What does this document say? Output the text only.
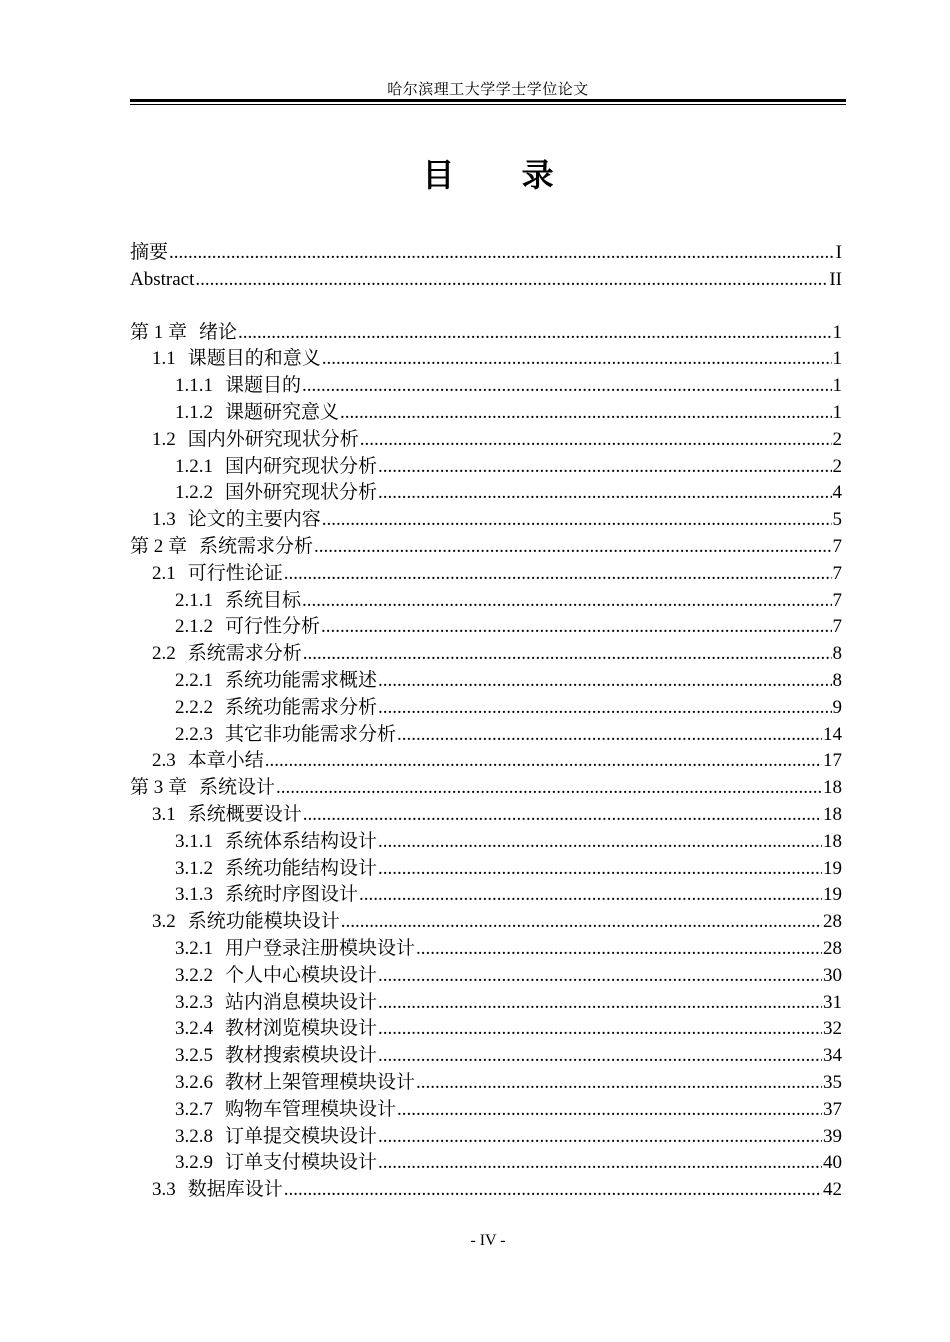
哈尔滨理工大学学士学位论文
目 录
摘要 .....	I
Abstract .....	II
第 1 章 绪论 .....	1
1.1 课题目的和意义 .....	1
1.1.1 课题目的 .....	1
1.1.2 课题研究意义 .....	1
1.2 国内外研究现状分析 .....	2
1.2.1 国内研究现状分析 .....	2
1.2.2 国外研究现状分析 .....	4
1.3 论文的主要内容 .....	5
第 2 章 系统需求分析 .....	7
2.1 可行性论证 .....	7
2.1.1 系统目标 .....	7
2.1.2 可行性分析 .....	7
2.2 系统需求分析 .....	8
2.2.1 系统功能需求概述 .....	8
2.2.2 系统功能需求分析 .....	9
2.2.3 其它非功能需求分析 .....	14
2.3 本章小结 .....	17
第 3 章 系统设计 .....	18
3.1 系统概要设计 .....	18
3.1.1 系统体系结构设计 .....	18
3.1.2 系统功能结构设计 .....	19
3.1.3 系统时序图设计 .....	19
3.2 系统功能模块设计 .....	28
3.2.1 用户登录注册模块设计 .....	28
3.2.2 个人中心模块设计 .....	30
3.2.3 站内消息模块设计 .....	31
3.2.4 教材浏览模块设计 .....	32
3.2.5 教材搜索模块设计 .....	34
3.2.6 教材上架管理模块设计 .....	35
3.2.7 购物车管理模块设计 .....	37
3.2.8 订单提交模块设计 .....	39
3.2.9 订单支付模块设计 .....	40
3.3 数据库设计 .....	42
- IV -
